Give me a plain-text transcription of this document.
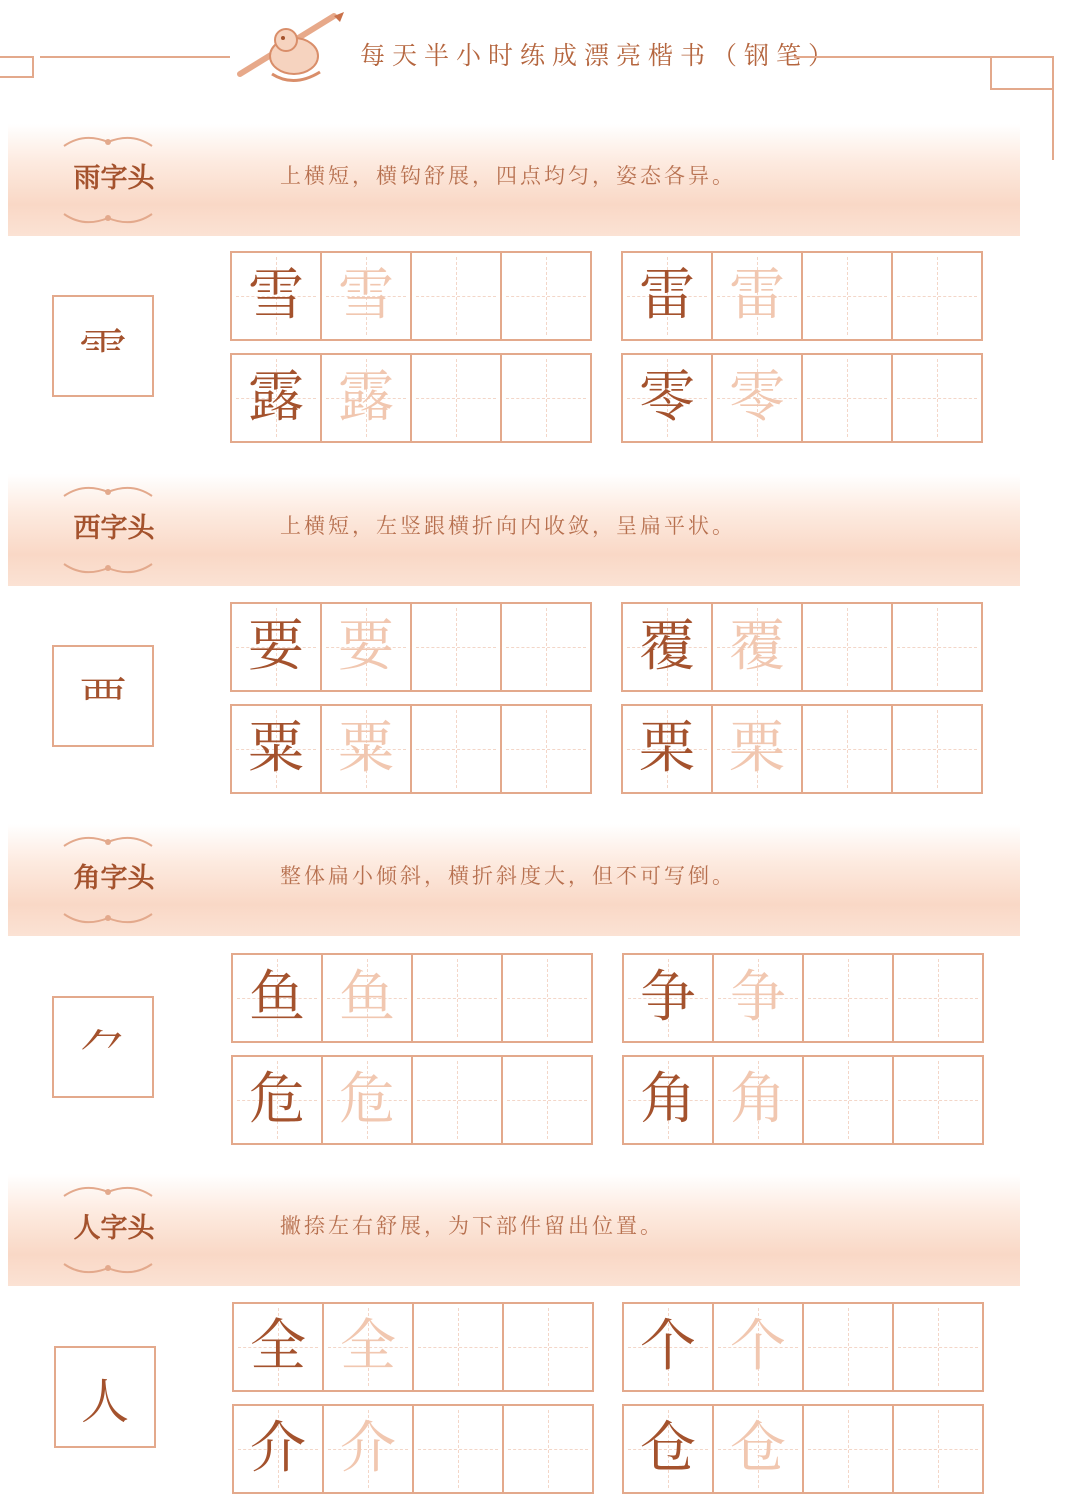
每天半小时练成漂亮楷书（钢笔）
雨字头	上横短，横钩舒展，四点均匀，姿态各异。
⻗
雪 雪	雷 雷
露 露	零 零
西字头	上横短，左竖跟横折向内收敛，呈扁平状。
覀
要 要	覆 覆
粟 粟	栗 栗
角字头	整体扁小倾斜，横折斜度大，但不可写倒。
⺈
鱼 鱼	争 争
危 危	角 角
人字头	撇捺左右舒展，为下部件留出位置。
人
全 全	个 个
介 介	仓 仓
